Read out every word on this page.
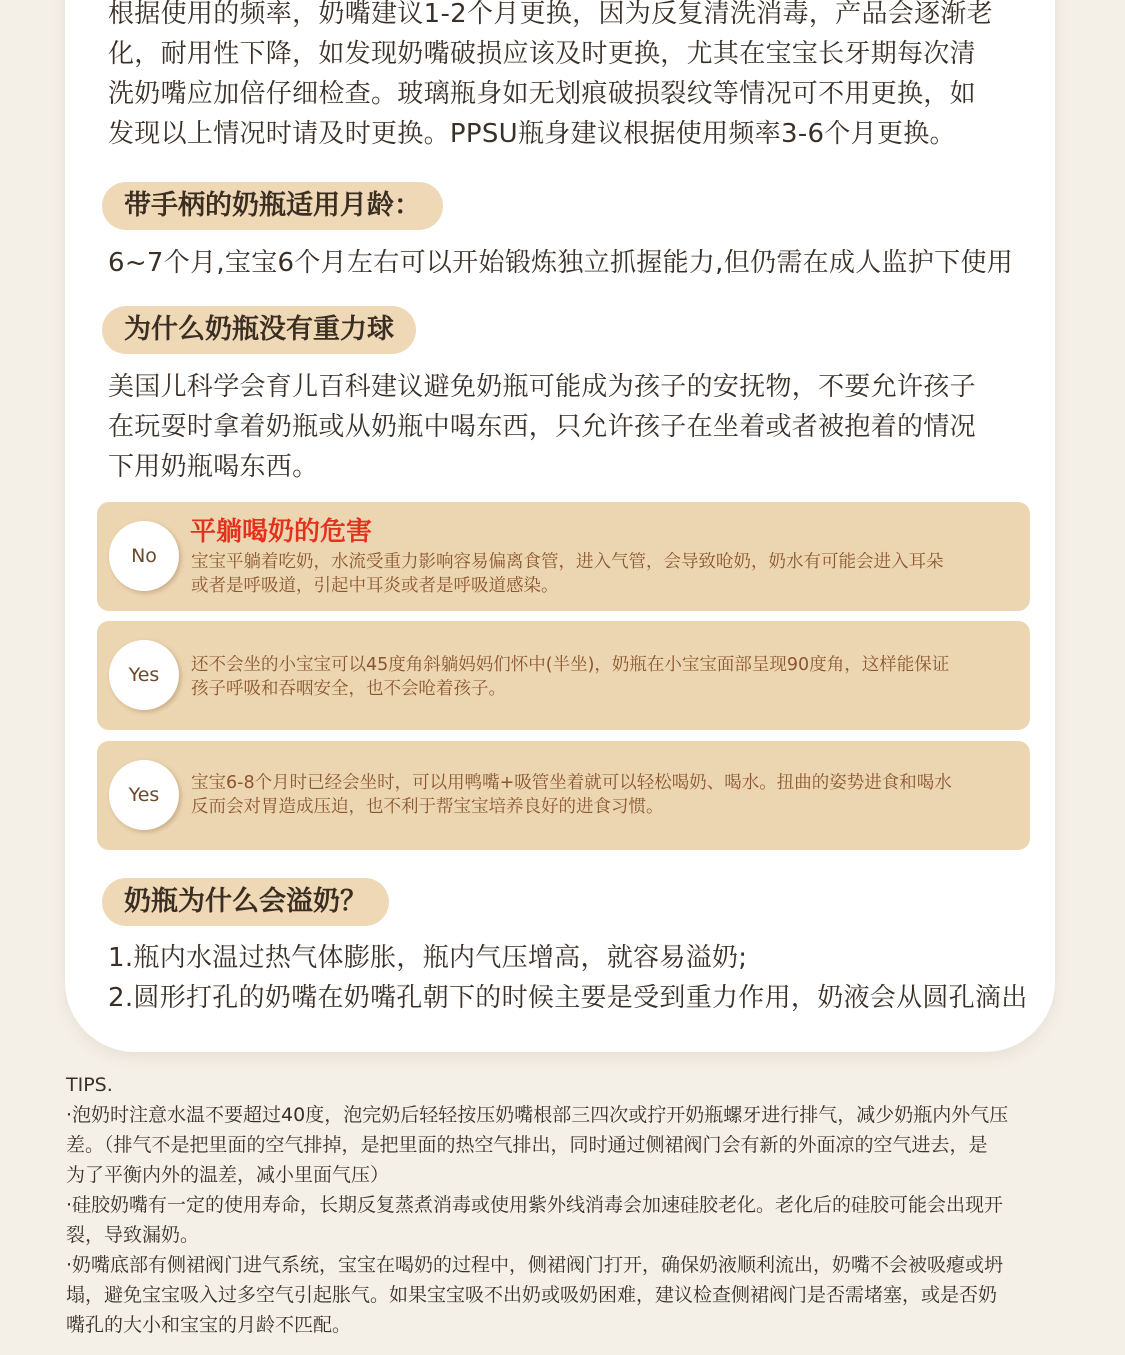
根据使用的频率，奶嘴建议1-2个月更换，因为反复清洗消毒，产品会逐渐老
化，耐用性下降，如发现奶嘴破损应该及时更换，尤其在宝宝长牙期每次清
洗奶嘴应加倍仔细检查。玻璃瓶身如无划痕破损裂纹等情况可不用更换，如
发现以上情况时请及时更换。PPSU瓶身建议根据使用频率3-6个月更换。

带手柄的奶瓶适用月龄：

6~7个月,宝宝6个月左右可以开始锻炼独立抓握能力,但仍需在成人监护下使用

为什么奶瓶没有重力球

美国儿科学会育儿百科建议避免奶瓶可能成为孩子的安抚物，不要允许孩子
在玩耍时拿着奶瓶或从奶瓶中喝东西，只允许孩子在坐着或者被抱着的情况
下用奶瓶喝东西。

No
平躺喝奶的危害
宝宝平躺着吃奶，水流受重力影响容易偏离食管，进入气管，会导致呛奶，奶水有可能会进入耳朵
或者是呼吸道，引起中耳炎或者是呼吸道感染。
Yes	还不会坐的小宝宝可以45度角斜躺妈妈们怀中(半坐)，奶瓶在小宝宝面部呈现90度角，这样能保证
孩子呼吸和吞咽安全，也不会呛着孩子。
Yes
宝宝6-8个月时已经会坐时，可以用鸭嘴+吸管坐着就可以轻松喝奶、喝水。扭曲的姿势进食和喝水
反而会对胃造成压迫，也不利于帮宝宝培养良好的进食习惯。
奶瓶为什么会溢奶？

1.瓶内水温过热气体膨胀，瓶内气压增高，就容易溢奶;
2.圆形打孔的奶嘴在奶嘴孔朝下的时候主要是受到重力作用，奶液会从圆孔滴出

TIPS.
·泡奶时注意水温不要超过40度，泡完奶后轻轻按压奶嘴根部三四次或拧开奶瓶螺牙进行排气，减少奶瓶内外气压
差。（排气不是把里面的空气排掉，是把里面的热空气排出，同时通过侧裙阀门会有新的外面凉的空气进去，是
为了平衡内外的温差，减小里面气压）
·硅胶奶嘴有一定的使用寿命，长期反复蒸煮消毒或使用紫外线消毒会加速硅胶老化。老化后的硅胶可能会出现开
裂，导致漏奶。
·奶嘴底部有侧裙阀门进气系统，宝宝在喝奶的过程中，侧裙阀门打开，确保奶液顺利流出，奶嘴不会被吸瘪或坍
塌，避免宝宝吸入过多空气引起胀气。如果宝宝吸不出奶或吸奶困难，建议检查侧裙阀门是否需堵塞，或是否奶
嘴孔的大小和宝宝的月龄不匹配。
